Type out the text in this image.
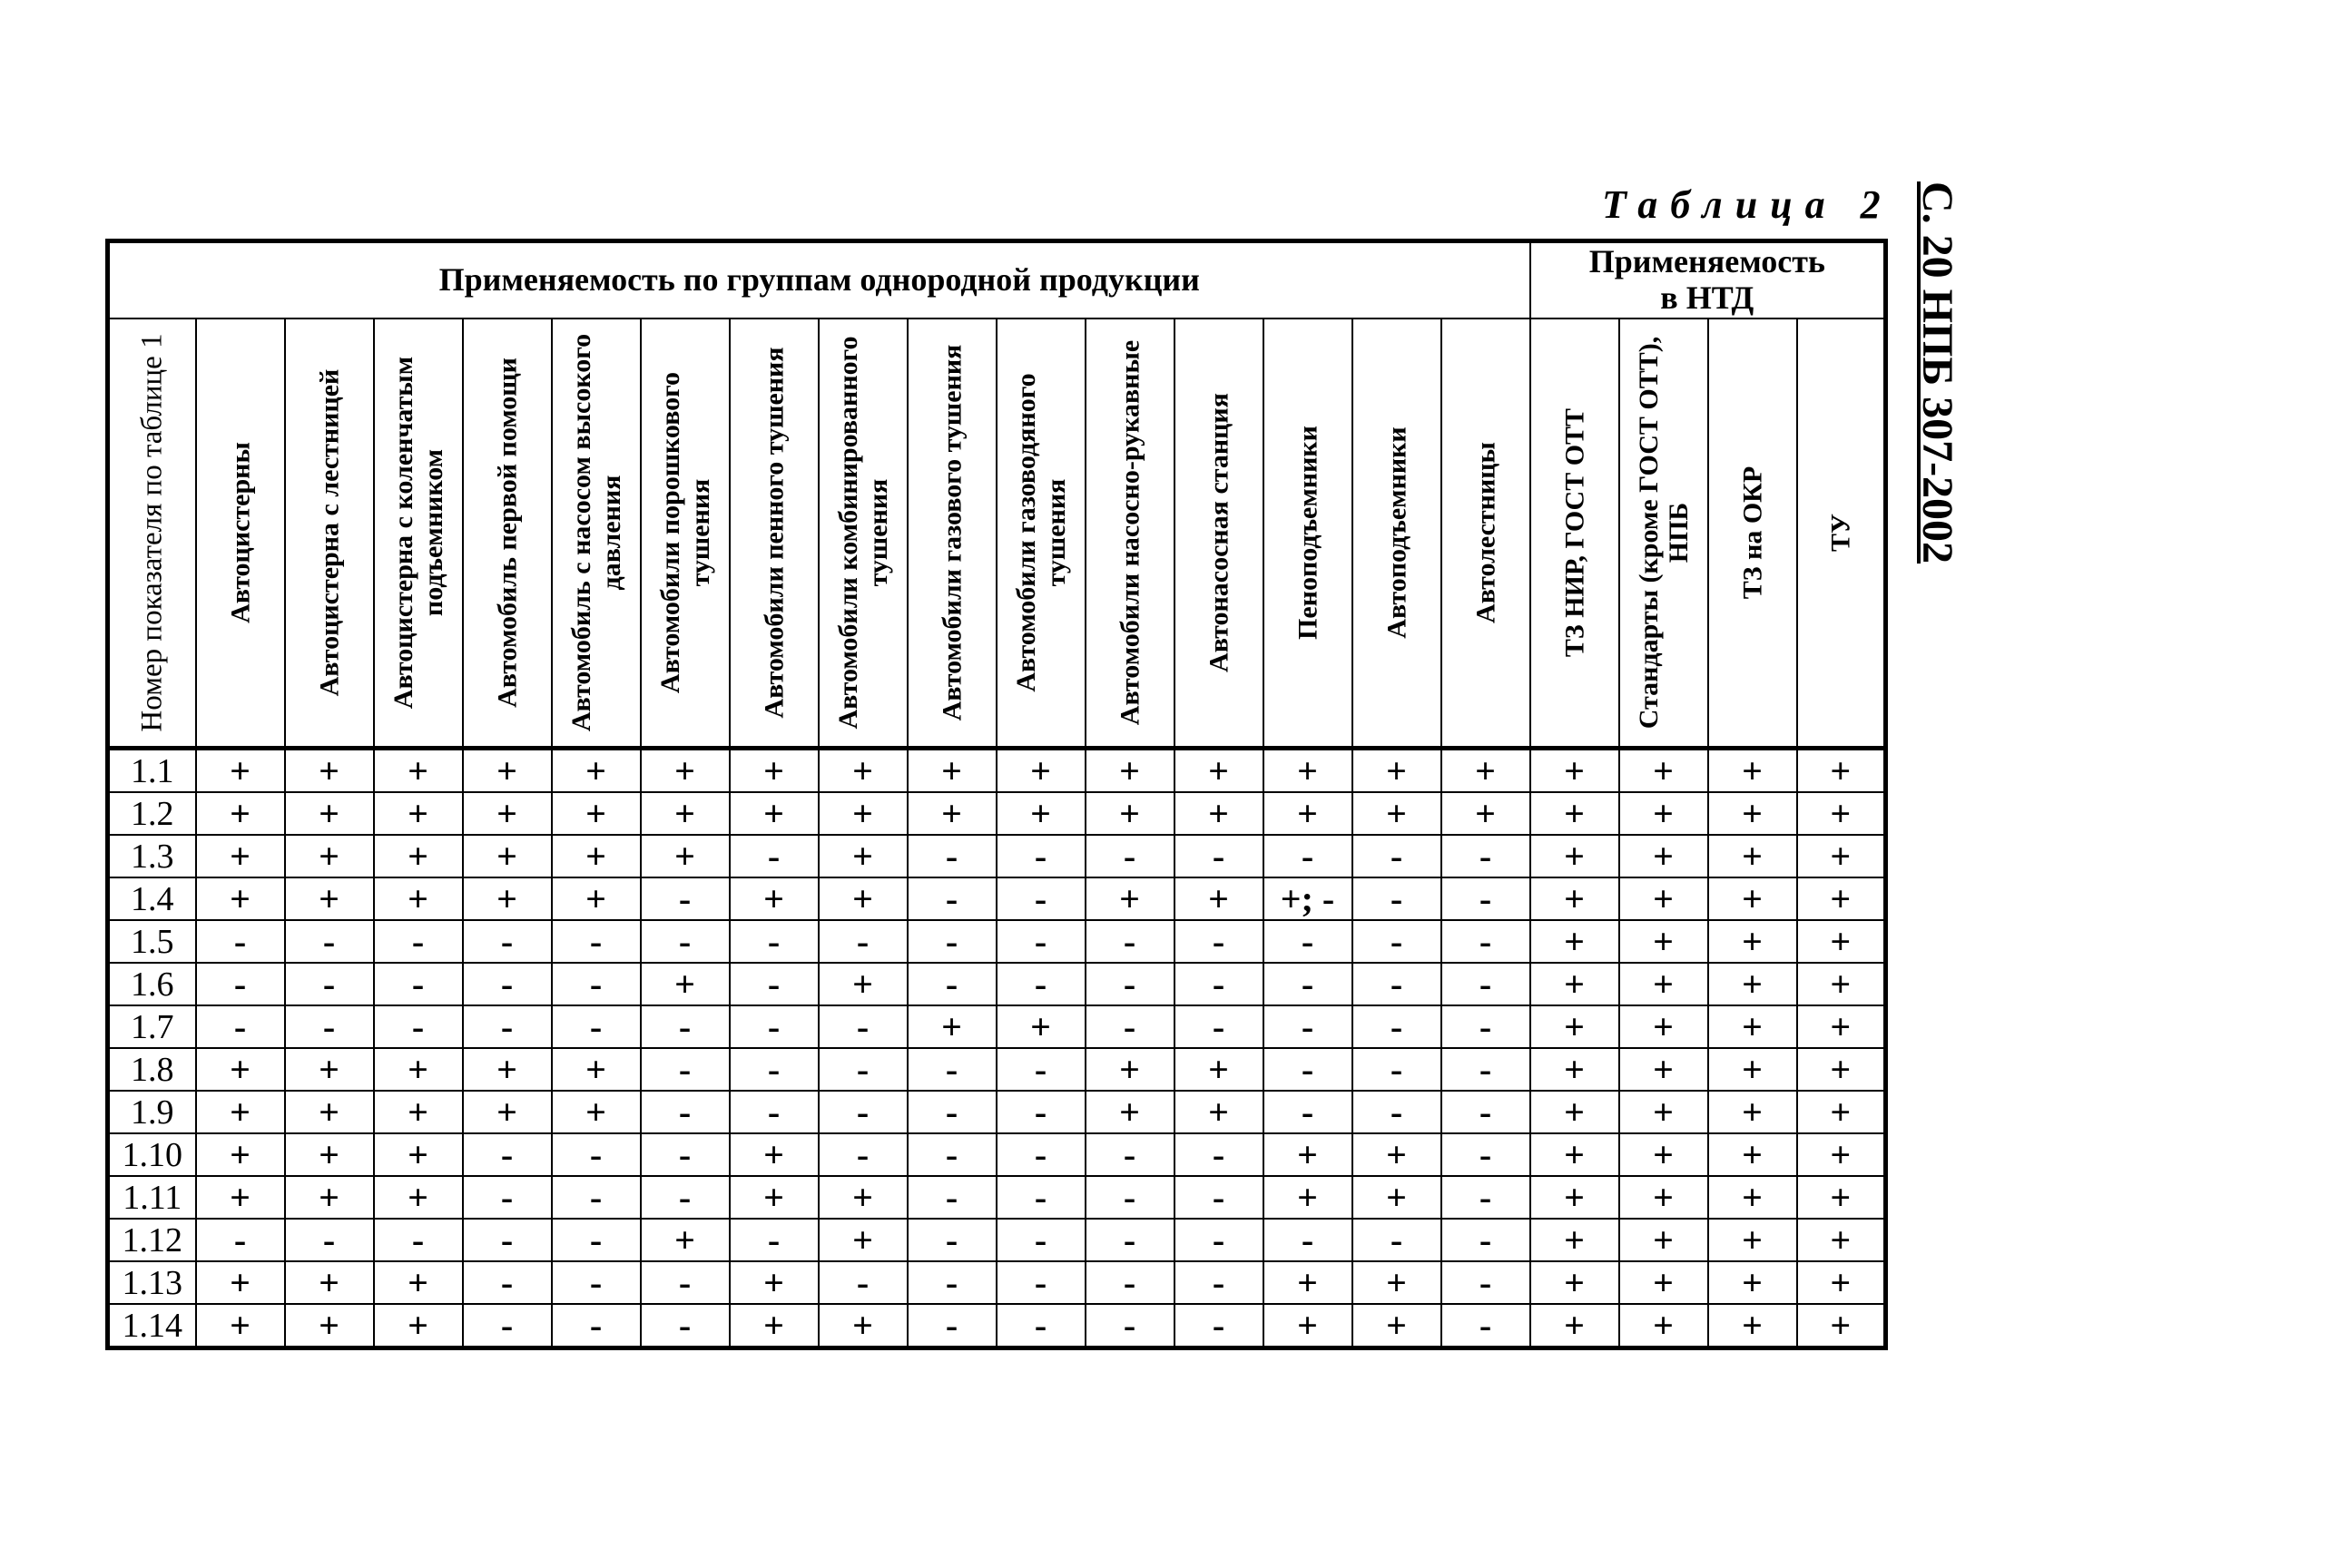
Таблица 2 С. 20 НПБ 307-2002
Применяемость по группам однородной продукции																Применяемость в НТД			

Номер показателя по таблице 1	Автоцистерны	Автоцистерна с лестницей	Автоцистерна с коленчатым подъемником	Автомобиль первой помощи	Автомобиль с насосом высокого давления	Автомобили порошкового тушения	Автомобили пенного тушения	Автомобили комбинированного тушения	Автомобили газового тушения	Автомобили газоводяного тушения	Автомобили насосно-рукавные	Автонасосная станция	Пеноподъемники	Автоподъемники	Автолестницы	ТЗ НИР, ГОСТ ОТТ	Стандарты (кроме ГОСТ ОТТ), НПБ	ТЗ на ОКР	ТУ

1.1	+	+	+	+	+	+	+	+	+	+	+	+	+	+	+	+	+	+	+
1.2	+	+	+	+	+	+	+	+	+	+	+	+	+	+	+	+	+	+	+
1.3	+	+	+	+	+	+	-	+	-	-	-	-	-	-	-	+	+	+	+
1.4	+	+	+	+	+	-	+	+	-	-	+	+	+; -	-	-	+	+	+	+
1.5	-	-	-	-	-	-	-	-	-	-	-	-	-	-	-	+	+	+	+
1.6	-	-	-	-	-	+	-	+	-	-	-	-	-	-	-	+	+	+	+
1.7	-	-	-	-	-	-	-	-	+	+	-	-	-	-	-	+	+	+	+
1.8	+	+	+	+	+	-	-	-	-	-	+	+	-	-	-	+	+	+	+
1.9	+	+	+	+	+	-	-	-	-	-	+	+	-	-	-	+	+	+	+
1.10	+	+	+	-	-	-	+	-	-	-	-	-	+	+	-	+	+	+	+
1.11	+	+	+	-	-	-	+	+	-	-	-	-	+	+	-	+	+	+	+
1.12	-	-	-	-	-	+	-	+	-	-	-	-	-	-	-	+	+	+	+
1.13	+	+	+	-	-	-	+	-	-	-	-	-	+	+	-	+	+	+	+
1.14	+	+	+	-	-	-	+	+	-	-	-	-	+	+	-	+	+	+	+
